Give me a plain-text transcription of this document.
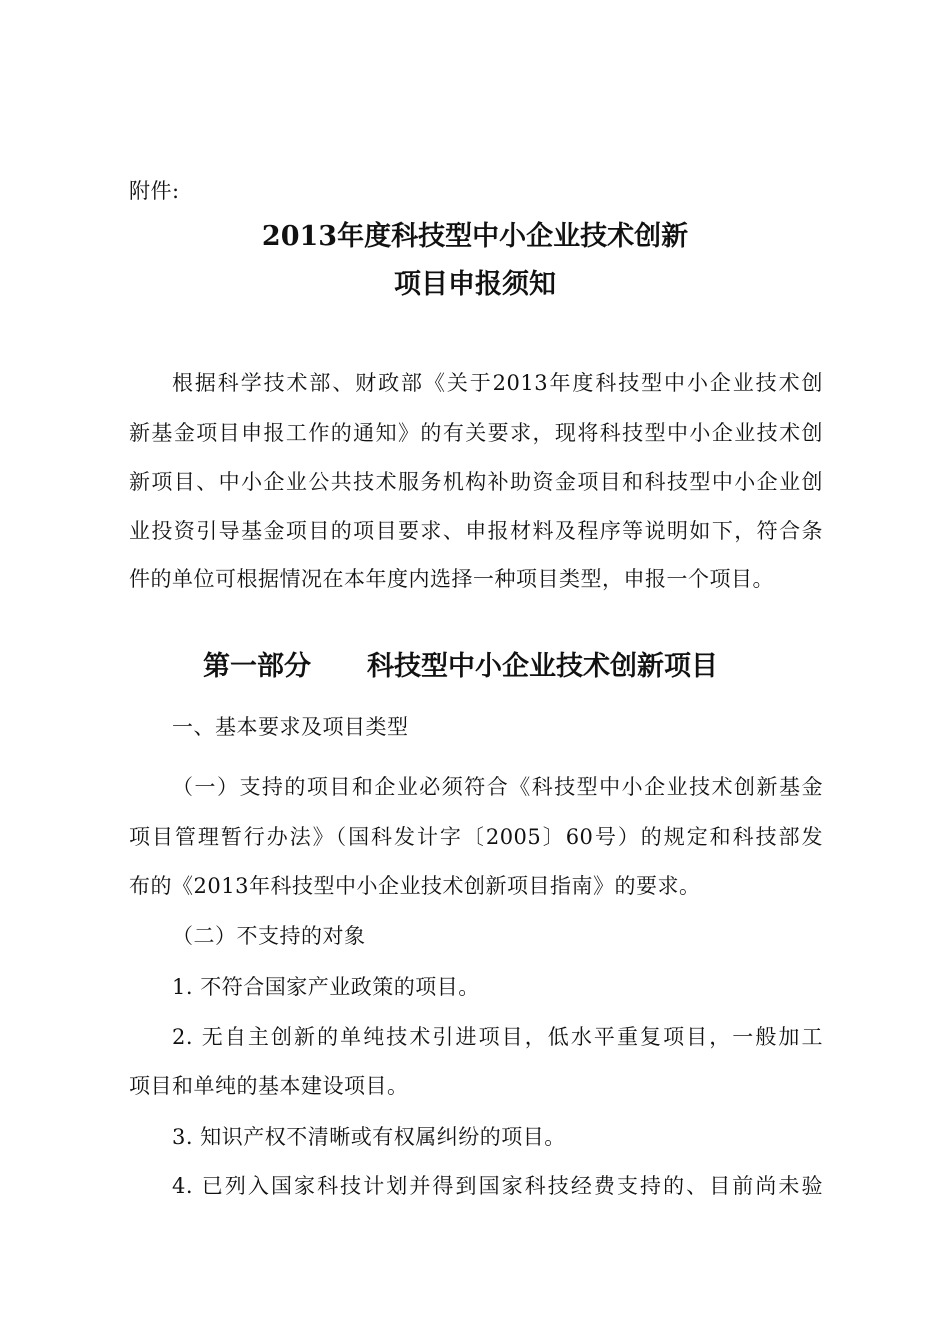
附件:
2013年度科技型中小企业技术创新
项目申报须知
根据科学技术部、财政部《关于2013年度科技型中小企业技术创
新基金项目申报工作的通知》的有关要求，现将科技型中小企业技术创
新项目、中小企业公共技术服务机构补助资金项目和科技型中小企业创
业投资引导基金项目的项目要求、申报材料及程序等说明如下，符合条
件的单位可根据情况在本年度内选择一种项目类型，申报一个项目。
第一部分 科技型中小企业技术创新项目
一、基本要求及项目类型
（一）支持的项目和企业必须符合《科技型中小企业技术创新基金
项目管理暂行办法》（国科发计字〔2005〕60号）的规定和科技部发
布的《2013年科技型中小企业技术创新项目指南》的要求。
（二）不支持的对象
1. 不符合国家产业政策的项目。
2. 无自主创新的单纯技术引进项目，低水平重复项目，一般加工
项目和单纯的基本建设项目。
3. 知识产权不清晰或有权属纠纷的项目。
4. 已列入国家科技计划并得到国家科技经费支持的、目前尚未验
